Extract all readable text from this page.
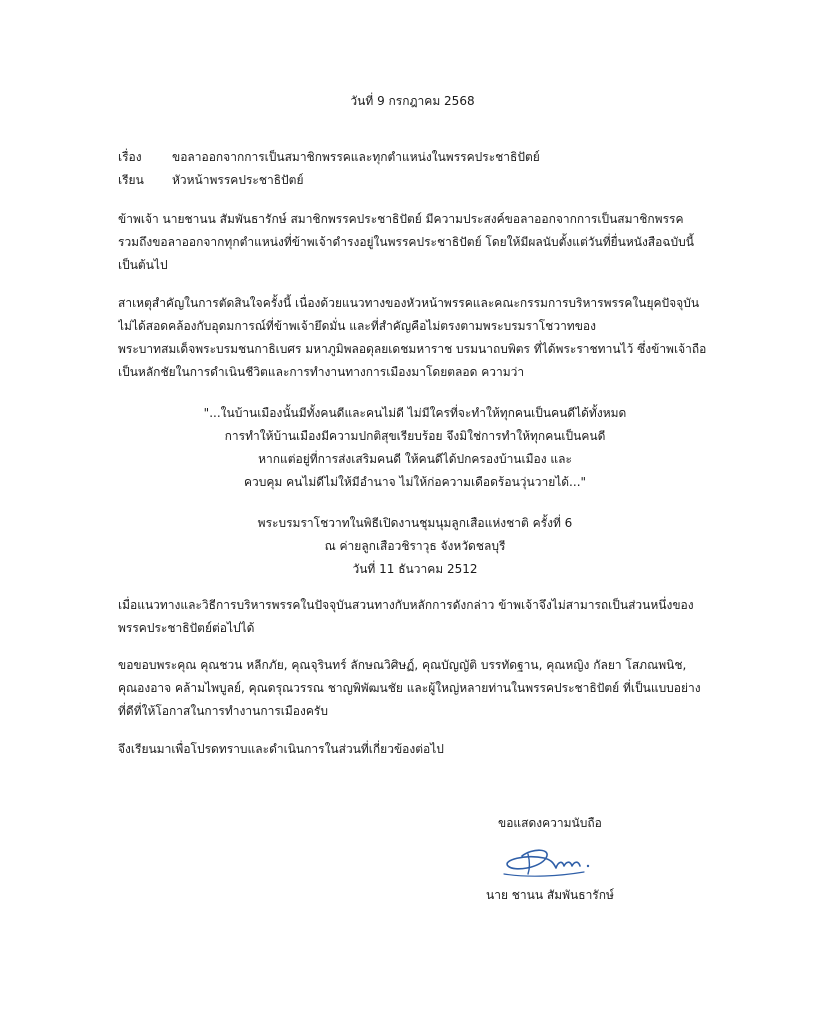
วันที่ 9 กรกฎาคม 2568
เรื่อง	ขอลาออกจากการเป็นสมาชิกพรรคและทุกตำแหน่งในพรรคประชาธิปัตย์
เรียน	หัวหน้าพรรคประชาธิปัตย์
ข้าพเจ้า นายชานน สัมพันธารักษ์ สมาชิกพรรคประชาธิปัตย์ มีความประสงค์ขอลาออกจากการเป็นสมาชิกพรรค
รวมถึงขอลาออกจากทุกตำแหน่งที่ข้าพเจ้าดำรงอยู่ในพรรคประชาธิปัตย์ โดยให้มีผลนับตั้งแต่วันที่ยื่นหนังสือฉบับนี้
เป็นต้นไป
สาเหตุสำคัญในการตัดสินใจครั้งนี้ เนื่องด้วยแนวทางของหัวหน้าพรรคและคณะกรรมการบริหารพรรคในยุคปัจจุบัน
ไม่ได้สอดคล้องกับอุดมการณ์ที่ข้าพเจ้ายึดมั่น และที่สำคัญคือไม่ตรงตามพระบรมราโชวาทของ
พระบาทสมเด็จพระบรมชนกาธิเบศร มหาภูมิพลอดุลยเดชมหาราช บรมนาถบพิตร ที่ได้พระราชทานไว้ ซึ่งข้าพเจ้าถือ
เป็นหลักชัยในการดำเนินชีวิตและการทำงานทางการเมืองมาโดยตลอด ความว่า
"...ในบ้านเมืองนั้นมีทั้งคนดีและคนไม่ดี ไม่มีใครที่จะทำให้ทุกคนเป็นคนดีได้ทั้งหมด
การทำให้บ้านเมืองมีความปกติสุขเรียบร้อย จึงมิใช่การทำให้ทุกคนเป็นคนดี
หากแต่อยู่ที่การส่งเสริมคนดี ให้คนดีได้ปกครองบ้านเมือง และ
ควบคุม คนไม่ดีไม่ให้มีอำนาจ ไม่ให้ก่อความเดือดร้อนวุ่นวายได้..."
พระบรมราโชวาทในพิธีเปิดงานชุมนุมลูกเสือแห่งชาติ ครั้งที่ 6
ณ ค่ายลูกเสือวชิราวุธ จังหวัดชลบุรี
วันที่ 11 ธันวาคม 2512
เมื่อแนวทางและวิธีการบริหารพรรคในปัจจุบันสวนทางกับหลักการดังกล่าว ข้าพเจ้าจึงไม่สามารถเป็นส่วนหนึ่งของ
พรรคประชาธิปัตย์ต่อไปได้
ขอขอบพระคุณ คุณชวน หลีกภัย, คุณจุรินทร์ ลักษณวิศิษฏ์, คุณบัญญัติ บรรทัดฐาน, คุณหญิง กัลยา โสภณพนิช,
คุณองอาจ คล้ามไพบูลย์, คุณดรุณวรรณ ชาญพิพัฒนชัย และผู้ใหญ่หลายท่านในพรรคประชาธิปัตย์ ที่เป็นแบบอย่าง
ที่ดีที่ให้โอกาสในการทำงานการเมืองครับ
จึงเรียนมาเพื่อโปรดทราบและดำเนินการในส่วนที่เกี่ยวข้องต่อไป
ขอแสดงความนับถือ
นาย ชานน สัมพันธารักษ์
